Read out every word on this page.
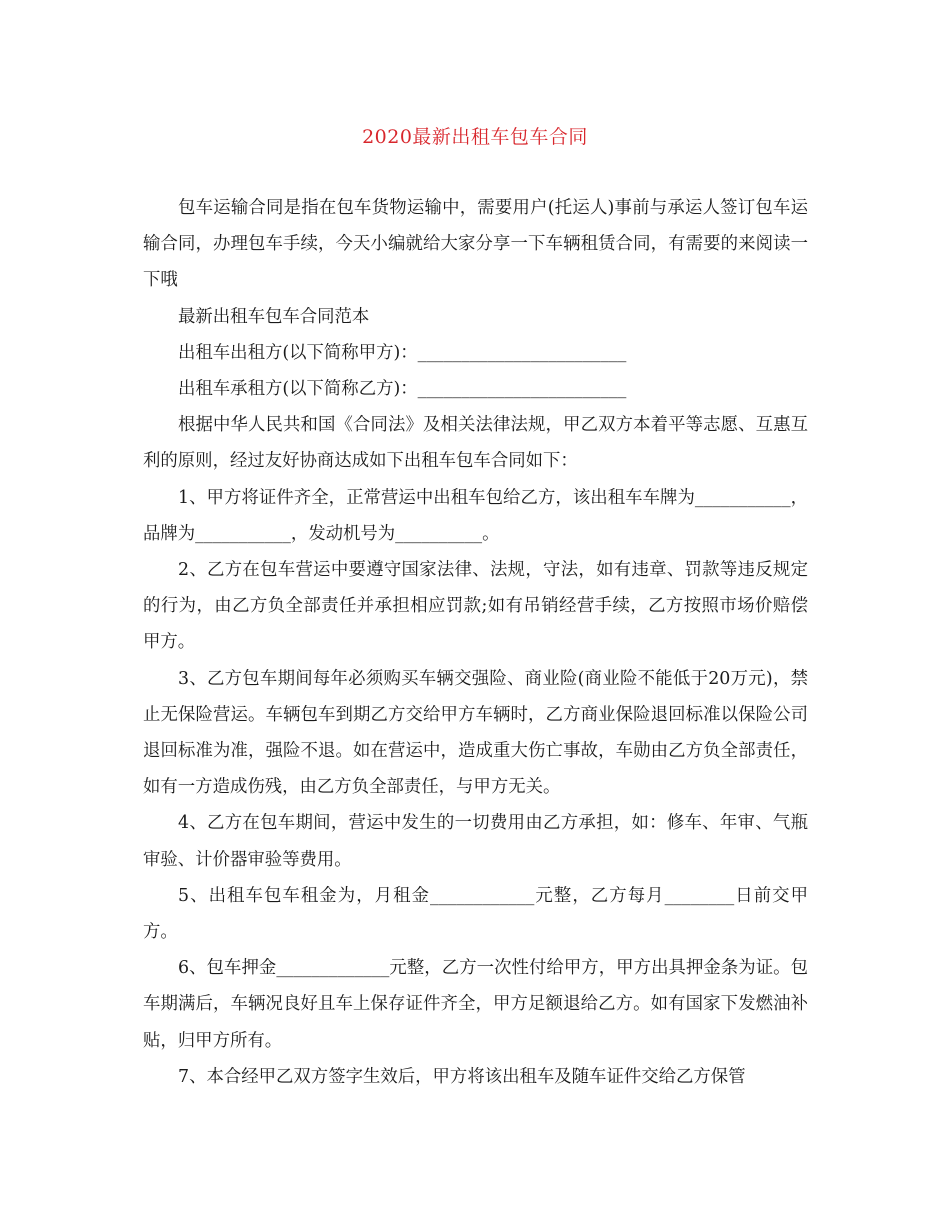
2020最新出租车包车合同

包车运输合同是指在包车货物运输中，需要用户(托运人)事前与承运人签订包车运输合同，办理包车手续，今天小编就给大家分享一下车辆租赁合同，有需要的来阅读一下哦

最新出租车包车合同范本

出租车出租方(以下简称甲方)：________________________

出租车承租方(以下简称乙方)：________________________

根据中华人民共和国《合同法》及相关法律法规，甲乙双方本着平等志愿、互惠互利的原则，经过友好协商达成如下出租车包车合同如下：

1、甲方将证件齐全，正常营运中出租车包给乙方，该出租车车牌为___________，品牌为___________，发动机号为__________。

2、乙方在包车营运中要遵守国家法律、法规，守法，如有违章、罚款等违反规定的行为，由乙方负全部责任并承担相应罚款;如有吊销经营手续，乙方按照市场价赔偿甲方。

3、乙方包车期间每年必须购买车辆交强险、商业险(商业险不能低于20万元)，禁止无保险营运。车辆包车到期乙方交给甲方车辆时，乙方商业保险退回标准以保险公司退回标准为准，强险不退。如在营运中，造成重大伤亡事故，车勋由乙方负全部责任，如有一方造成伤残，由乙方负全部责任，与甲方无关。

4、乙方在包车期间，营运中发生的一切费用由乙方承担，如：修车、年审、气瓶审验、计价器审验等费用。

5、出租车包车租金为，月租金____________元整，乙方每月________日前交甲方。

6、包车押金_____________元整，乙方一次性付给甲方，甲方出具押金条为证。包车期满后，车辆况良好且车上保存证件齐全，甲方足额退给乙方。如有国家下发燃油补贴，归甲方所有。

7、本合经甲乙双方签字生效后，甲方将该出租车及随车证件交给乙方保管
